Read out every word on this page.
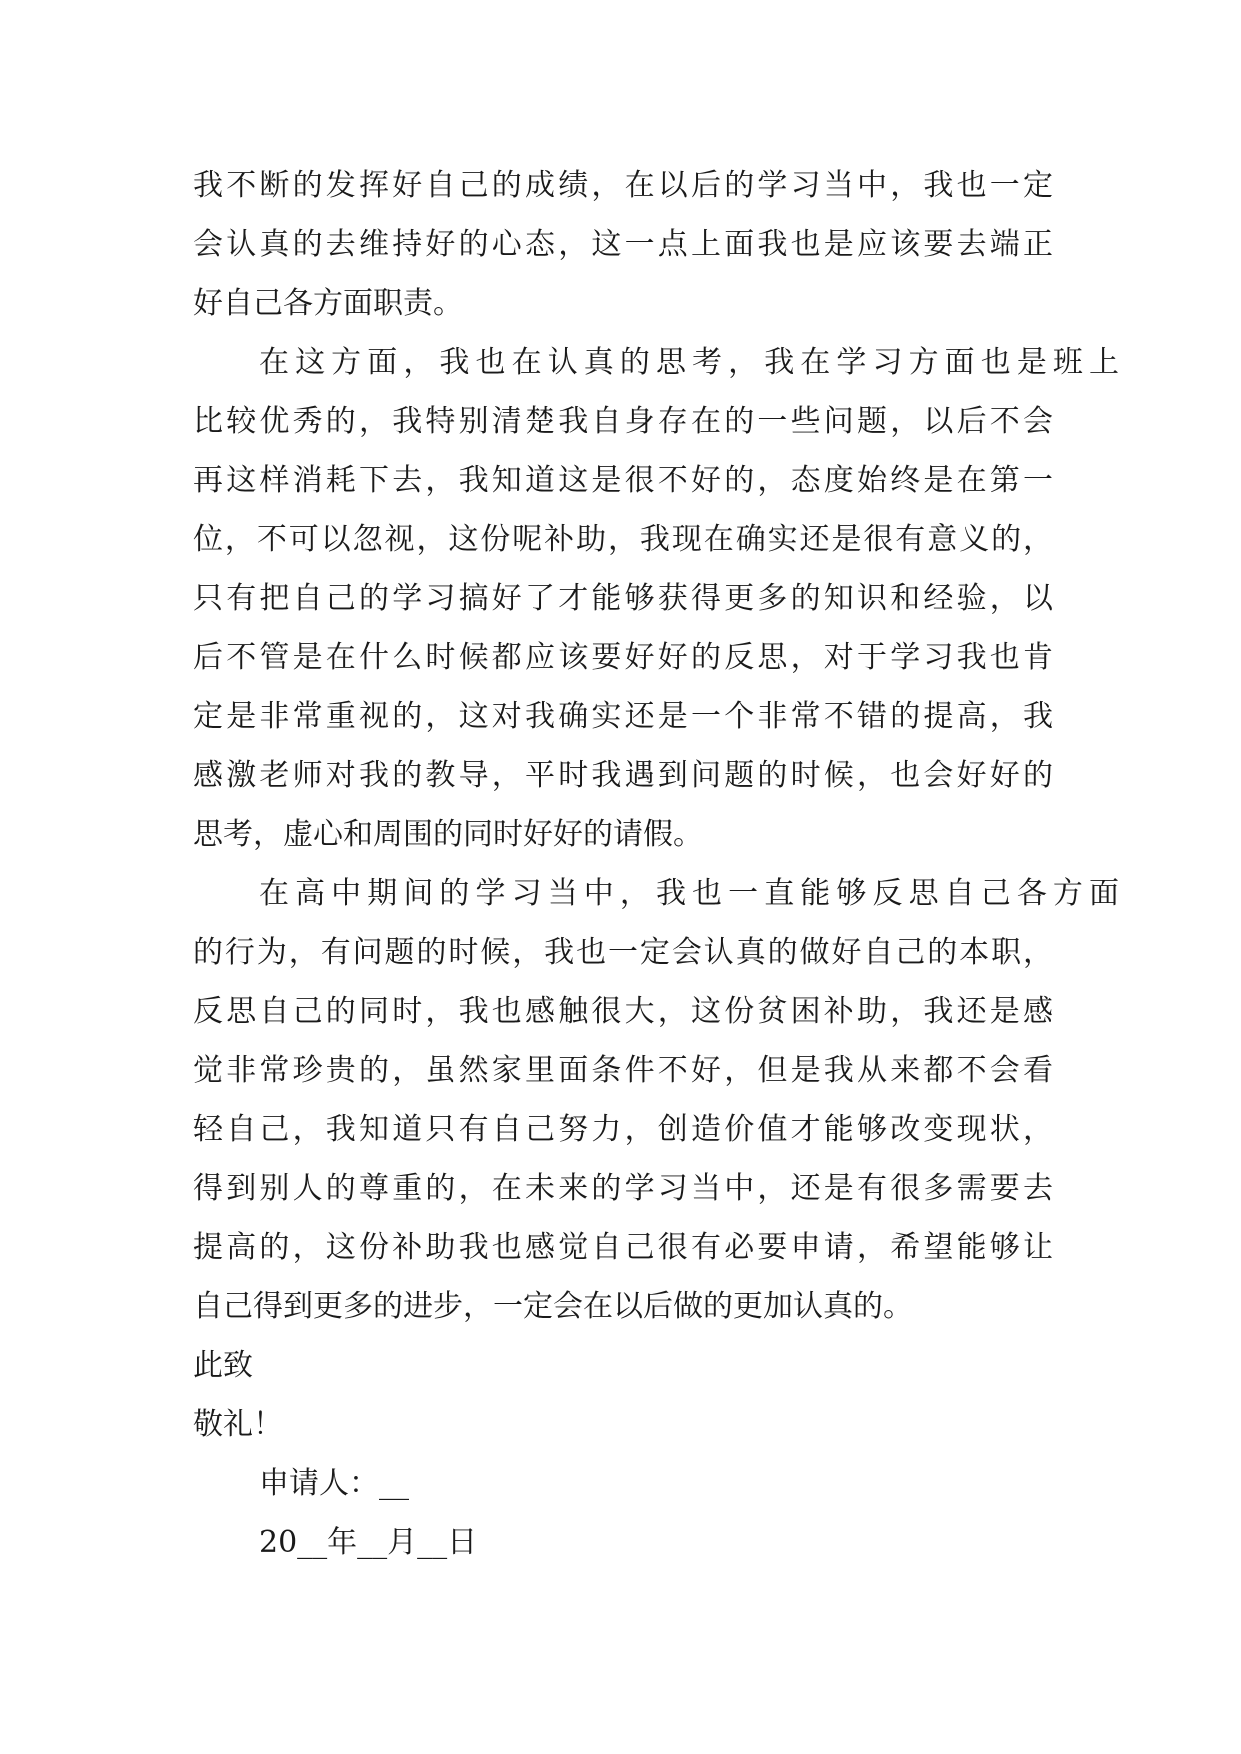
我不断的发挥好自己的成绩，在以后的学习当中，我也一定
会认真的去维持好的心态，这一点上面我也是应该要去端正
好自己各方面职责。
在这方面，我也在认真的思考，我在学习方面也是班上
比较优秀的，我特别清楚我自身存在的一些问题，以后不会
再这样消耗下去，我知道这是很不好的，态度始终是在第一
位，不可以忽视，这份呢补助，我现在确实还是很有意义的，
只有把自己的学习搞好了才能够获得更多的知识和经验，以
后不管是在什么时候都应该要好好的反思，对于学习我也肯
定是非常重视的，这对我确实还是一个非常不错的提高，我
感激老师对我的教导，平时我遇到问题的时候，也会好好的
思考，虚心和周围的同时好好的请假。
在高中期间的学习当中，我也一直能够反思自己各方面
的行为，有问题的时候，我也一定会认真的做好自己的本职，
反思自己的同时，我也感触很大，这份贫困补助，我还是感
觉非常珍贵的，虽然家里面条件不好，但是我从来都不会看
轻自己，我知道只有自己努力，创造价值才能够改变现状，
得到别人的尊重的，在未来的学习当中，还是有很多需要去
提高的，这份补助我也感觉自己很有必要申请，希望能够让
自己得到更多的进步，一定会在以后做的更加认真的。
此致
敬礼！
申请人：__
20__年__月__日
